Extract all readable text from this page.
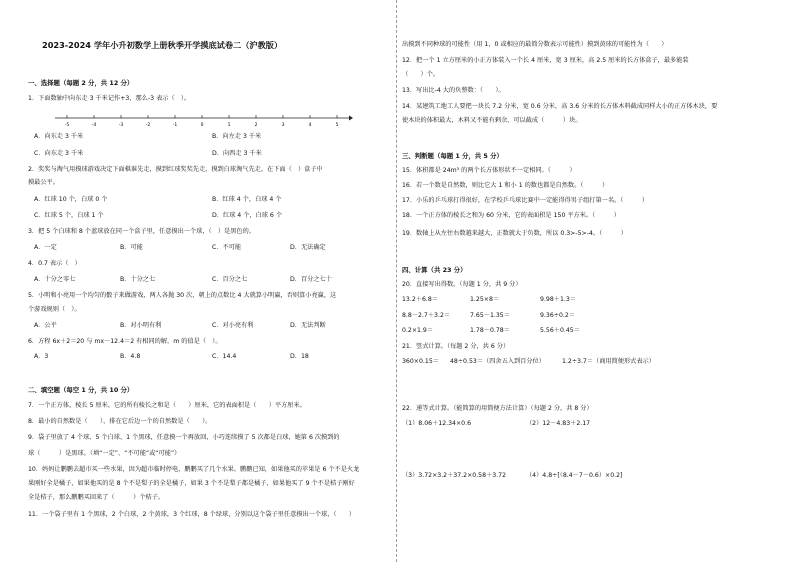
2023-2024 学年小升初数学上册秋季开学摸底试卷二（沪教版）
一、选择题（每题 2 分，共 12 分）
1．下面数轴中向东走 3 千米记作+3，那么-3 表示（　）。
-5	-4	-3	-2	-1	0	1	2	3	4	5
A．向东走 3 千米	B．向左走 3 千米
C．向东走 3 千米	D．向西走 3 千米
2．奖奖与淘气用摸球游戏决定下面棋谁先走，摸到红球奖奖先走，摸到白球淘气先走，在下面（　）盒子中
摸最公平。
A．红球 10 个，白球 0 个	B．红球 4 个，白球 4 个
C．红球 5 个，白球 1 个	D．红球 4 个，白球 6 个
3．把 5 个白球和 8 个蓝球放在同一个盒子里，任意摸出一个球，（　）是黑色的。
A．一定	B．可能	C．不可能	D．无法确定
4．0.7 表示（　）
A．十分之零七	B．十分之七	C．百分之七	D．百分之七十
5．小明和小亮用一个均匀的骰子来做游戏，两人各抛 30 次，朝上的点数比 4 大就算小明赢，否则算小亮赢，这
个游戏规则（　）。
A．公平	B．对小明有利	C．对小亮有利	D．无法判断
6．方程 6x＋2＝20 与 mx－12.4＝2 有相同的解，m 的值是（　）。
A．3	B．4.8	C．14.4	D．18
二、填空题（每空 1 分，共 10 分）
7．一个正方体，棱长 5 厘米，它的所有棱长之和是（　　）厘米，它的表面积是（　　）平方厘米。
8．最小的自然数是（　　），排在它后边一个的自然数是（　　）。
9．袋子里放了 4 个球，5 个白球，1 个黑球，任意摸一个再放回，小巧连续摸了 5 次都是白球，她第 6 次摸到的
球（　　　）是黑球。（填“一定”、“不可能”或“可能”）
10．妈妈让鹏鹏去超市买一些水果，因为超市临时停电，鹏鹏买了几个水果。鹏鹏已知，如果他买的苹果是 6 个不是火龙
果刚好全是橘子，如果他买的是 8 个不是梨子的全是橘子，如果 3 个不是梨子都是橘子，如果他买了 9 个不是桔子刚好
全是桔子，那么鹏鹏买回来了（　　　）个桔子。
11．一个袋子里有 1 个黑球，2 个白球，2 个黄球，3 个红球，8 个绿球，分别以这个袋子里任意摸出一个球，（　　）
出摸到不同种球的可能性（用 1，0 或相应的最简分数表示可能性）摸到黄球的可能性为（　　）
12．把一个 1 立方厘米的小正方体装入一个长 4 厘米，宽 3 厘米，高 2.5 厘米的长方体盒子，最多能装
（　　）个。
13．写出比-4 大的负整数：（　　）。
14．某建筑工地工人要把一块长 7.2 分米，宽 0.6 分米，高 3.6 分米的长方体木料截成同样大小的正方体木块，要
使木块的体积最大，木料又不能有剩余，可以截成（　　　）块。
三、判断题（每题 1 分，共 5 分）
15．体积都是 24m³ 的两个长方体形状不一定相同。（　　　）
16．若一个数是自然数，则比它大 1 和小 1 的数也都是自然数。（　　　）
17．小乐的乒乓球打得很好，在学校乒乓球比赛中一定能得得男子组打第一名。（　　　）
18．一个正方体的棱长之和为 60 分米，它的表面积是 150 平方米。（　　　）
19．数轴上从左往右数越来越大，正数就大于负数，所以 0.3>-5>-4。（　　　）
四、计算（共 23 分）
20．直接写出得数。（每题 1 分，共 9 分）
13.2＋6.8＝	1.25×8＝	9.98＋1.3＝
8.8－2.7＋3.2＝	7.65－1.35＝	9.36÷0.2＝
0.2×1.9＝	1.78－0.78＝	5.56＋0.45＝
21．竖式计算。（每题 2 分，共 6 分）
360×0.15＝ 48÷0.53＝（四舍五入到百分位）	1.2÷3.7＝（商用简便形式表示）
22．递等式计算。（能简算的用简便方法计算）（每题 2 分，共 8 分）
（1）8.06＋12.34×0.6	（2）12－4.83＋2.17
（3）3.72×3.2＋37.2×0.58＋3.72	（4）4.8÷[（8.4－7－0.6）×0.2]
